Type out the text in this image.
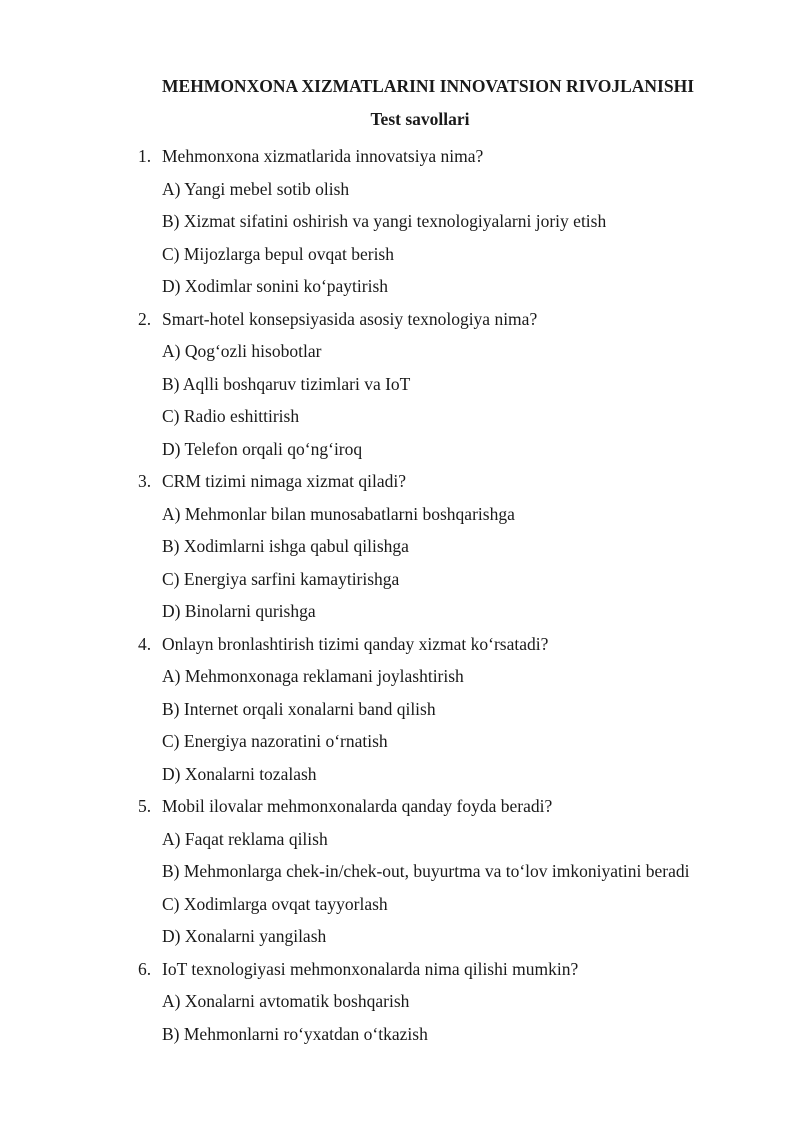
MEHMONXONA XIZMATLARINI INNOVATSION RIVOJLANISHI
Test savollari
1. Mehmonxona xizmatlarida innovatsiya nima?
A) Yangi mebel sotib olish
B) Xizmat sifatini oshirish va yangi texnologiyalarni joriy etish
C) Mijozlarga bepul ovqat berish
D) Xodimlar sonini ko‘paytirish
2. Smart-hotel konsepsiyasida asosiy texnologiya nima?
A) Qog‘ozli hisobotlar
B) Aqlli boshqaruv tizimlari va IoT
C) Radio eshittirish
D) Telefon orqali qo‘ng‘iroq
3. CRM tizimi nimaga xizmat qiladi?
A) Mehmonlar bilan munosabatlarni boshqarishga
B) Xodimlarni ishga qabul qilishga
C) Energiya sarfini kamaytirishga
D) Binolarni qurishga
4. Onlayn bronlashtirish tizimi qanday xizmat ko‘rsatadi?
A) Mehmonxonaga reklamani joylashtirish
B) Internet orqali xonalarni band qilish
C) Energiya nazoratini o‘rnatish
D) Xonalarni tozalash
5. Mobil ilovalar mehmonxonalarda qanday foyda beradi?
A) Faqat reklama qilish
B) Mehmonlarga chek-in/chek-out, buyurtma va to‘lov imkoniyatini beradi
C) Xodimlarga ovqat tayyorlash
D) Xonalarni yangilash
6. IoT texnologiyasi mehmonxonalarda nima qilishi mumkin?
A) Xonalarni avtomatik boshqarish
B) Mehmonlarni ro‘yxatdan o‘tkazish
